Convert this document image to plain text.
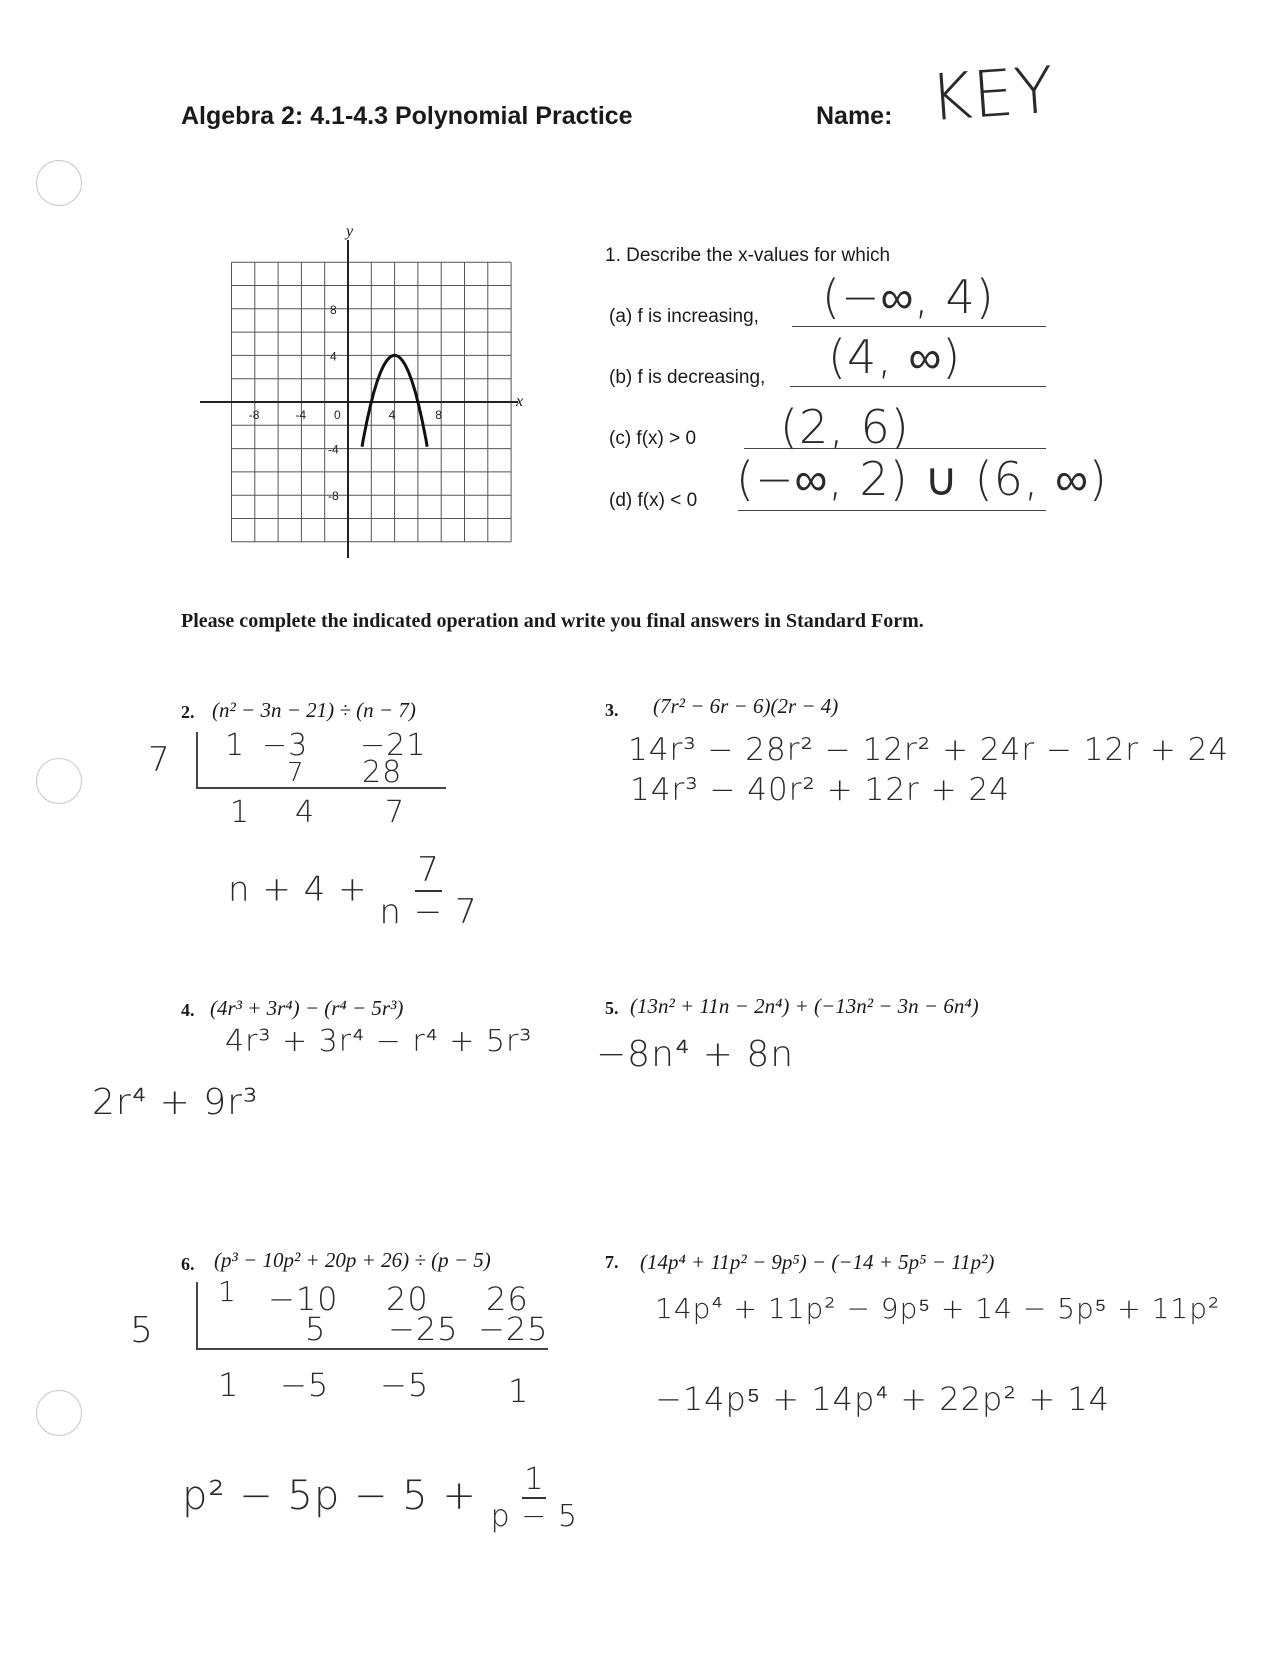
Algebra 2: 4.1-4.3 Polynomial Practice	Name: KEY
-8	-4 0	4	8
8
4
-4
-8
y
x
1. Describe the x-values for which
(a) f is increasing, (−∞, 4)
(b) f is decreasing, (4, ∞)
(c) f(x) > 0 (2, 6)
(d) f(x) < 0 (−∞, 2) ∪ (6, ∞)
Please complete the indicated operation and write you final answers in Standard Form.
2. (n² − 3n − 21) ÷ (n − 7)
7 1 −3 −21
7 28
1 4 7
$n + 4 + \frac{7}{n - 7}$
3. (7r² − 6r − 6)(2r − 4)
14r³ − 28r² − 12r² + 24r − 12r + 24
14r³ − 40r² + 12r + 24
4. (4r³ + 3r⁴) − (r⁴ − 5r³)
4r³ + 3r⁴ − r⁴ + 5r³
2r⁴ + 9r³
5. (13n² + 11n − 2n⁴) + (−13n² − 3n − 6n⁴)
−8n⁴ + 8n
6. (p³ − 10p² + 20p + 26) ÷ (p − 5)
5
1 −10 20 26
5 −25 −25
1 −5 −5 1
$p^2 - 5p - 5 + \frac{1}{p - 5}$
7. (14p⁴ + 11p² − 9p⁵) − (−14 + 5p⁵ − 11p²)
14p⁴ + 11p² − 9p⁵ + 14 − 5p⁵ + 11p²
−14p⁵ + 14p⁴ + 22p² + 14
